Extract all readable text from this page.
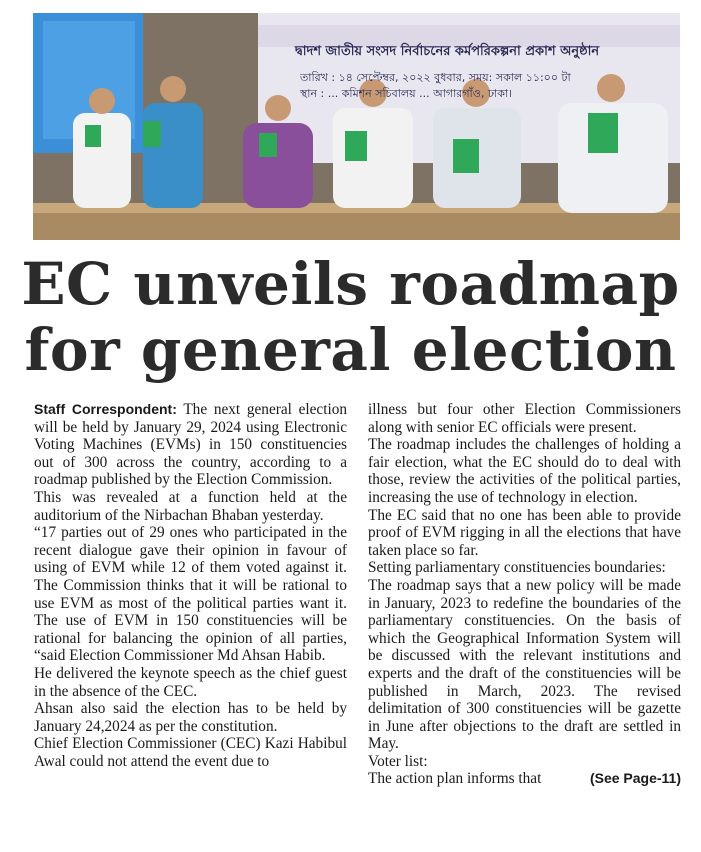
দ্বাদশ জাতীয় সংসদ নির্বাচনের কর্মপরিকল্পনা প্রকাশ অনুষ্ঠান
তারিখ : ১৪ সেপ্টেম্বর, ২০২২ বুধবার, সময়: সকাল ১১:০০ টা
স্থান : ... কমিশন সচিবালয় ... আগারগাঁও, ঢাকা।
EC unveils roadmap
for general election

Staff Correspondent: The next general election will be held by January 29, 2024 using Electronic Voting Machines (EVMs) in 150 constituencies out of 300 across the country, according to a roadmap published by the Election Commission.

This was revealed at a function held at the auditorium of the Nirbachan Bhaban yesterday.

“17 parties out of 29 ones who participated in the recent dialogue gave their opinion in favour of using of EVM while 12 of them voted against it. The Commission thinks that it will be rational to use EVM as most of the political parties want it. The use of EVM in 150 constituencies will be rational for balancing the opinion of all parties, “said Election Commissioner Md Ahsan Habib.

He delivered the keynote speech as the chief guest in the absence of the CEC.

Ahsan also said the election has to be held by January 24,2024 as per the constitution.

Chief Election Commissioner (CEC) Kazi Habibul Awal could not attend the event due to

illness but four other Election Commissioners along with senior EC officials were present.

The roadmap includes the challenges of holding a fair election, what the EC should do to deal with those, review the activities of the political parties, increasing the use of technology in election.

The EC said that no one has been able to provide proof of EVM rigging in all the elections that have taken place so far.

Setting parliamentary constituencies boundaries:

The roadmap says that a new policy will be made in January, 2023 to redefine the boundaries of the parliamentary constituencies. On the basis of which the Geographical Information System will be discussed with the relevant institutions and experts and the draft of the constituencies will be published in March, 2023. The revised delimitation of 300 constituencies will be gazette in June after objections to the draft are settled in May.

Voter list:

The action plan informs that	(See Page-11)
